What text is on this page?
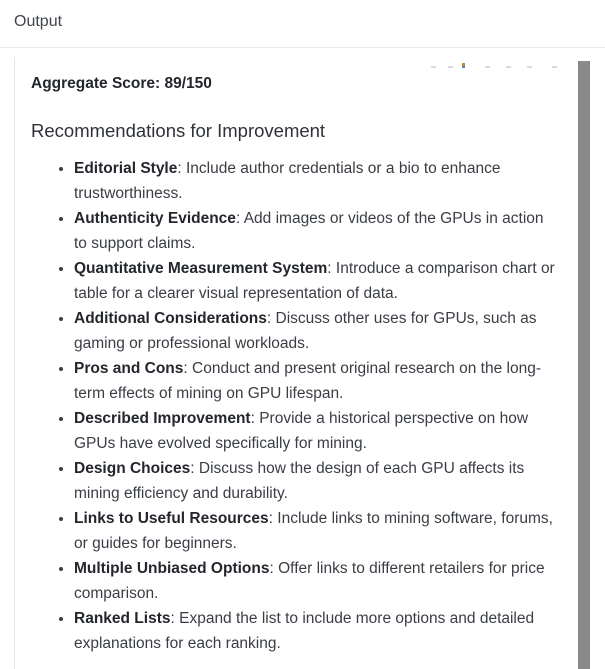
Output

Aggregate Score: 89/150

Recommendations for Improvement
• Editorial Style: Include author credentials or a bio to enhance trustworthiness.
• Authenticity Evidence: Add images or videos of the GPUs in action to support claims.
• Quantitative Measurement System: Introduce a comparison chart or table for a clearer visual representation of data.
• Additional Considerations: Discuss other uses for GPUs, such as gaming or professional workloads.
• Pros and Cons: Conduct and present original research on the long-term effects of mining on GPU lifespan.
• Described Improvement: Provide a historical perspective on how GPUs have evolved specifically for mining.
• Design Choices: Discuss how the design of each GPU affects its mining efficiency and durability.
• Links to Useful Resources: Include links to mining software, forums, or guides for beginners.
• Multiple Unbiased Options: Offer links to different retailers for price comparison.
• Ranked Lists: Expand the list to include more options and detailed explanations for each ranking.
